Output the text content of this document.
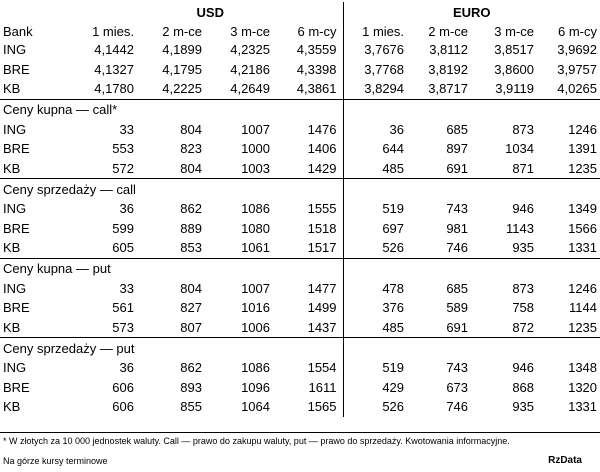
	USD				EURO			
Bank	1 mies.	2 m-ce	3 m-ce	6 m-cy	1 mies.	2 m-ce	3 m-ce	6 m-cy
ING	4,1442	4,1899	4,2325	4,3559	3,7676	3,8112	3,8517	3,9692
BRE	4,1327	4,1795	4,2186	4,3398	3,7768	3,8192	3,8600	3,9757
KB	4,1780	4,2225	4,2649	4,3861	3,8294	3,8717	3,9119	4,0265
Ceny kupna — call*								
ING	33	804	1007	1476	36	685	873	1246
BRE	553	823	1000	1406	644	897	1034	1391
KB	572	804	1003	1429	485	691	871	1235
Ceny sprzedaży — call								
ING	36	862	1086	1555	519	743	946	1349
BRE	599	889	1080	1518	697	981	1143	1566
KB	605	853	1061	1517	526	746	935	1331
Ceny kupna — put								
ING	33	804	1007	1477	478	685	873	1246
BRE	561	827	1016	1499	376	589	758	1144
KB	573	807	1006	1437	485	691	872	1235
Ceny sprzedaży — put								
ING	36	862	1086	1554	519	743	946	1348
BRE	606	893	1096	1611	429	673	868	1320
KB	606	855	1064	1565	526	746	935	1331
* W złotych za 10 000 jednostek waluty. Call — prawo do zakupu waluty, put — prawo do sprzedaży. Kwotowania informacyjne.
Na górze kursy terminowe	RzData
